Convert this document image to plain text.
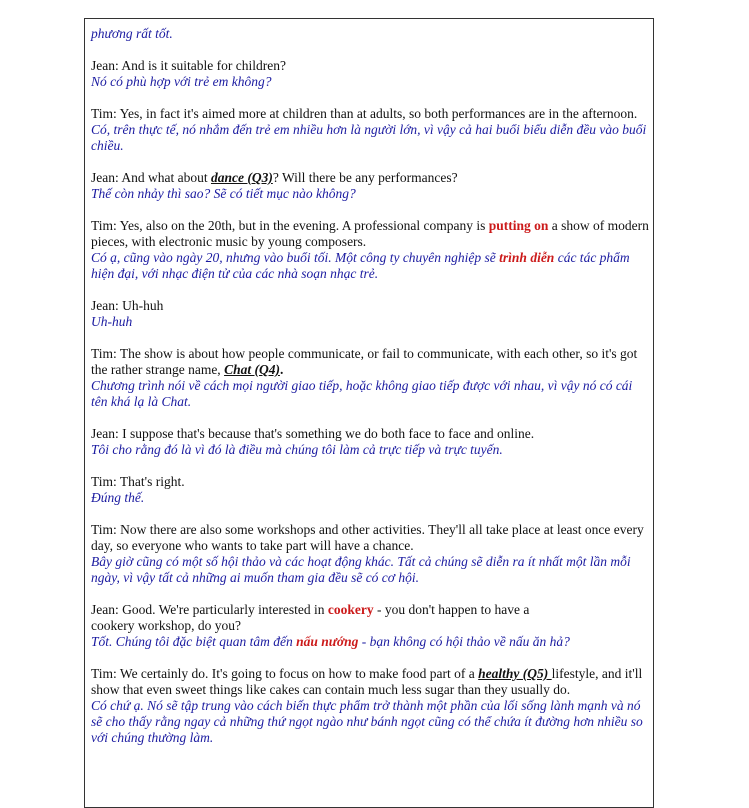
phương rất tốt.

Jean: And is it suitable for children?

Nó có phù hợp với trẻ em không?

Tim: Yes, in fact it's aimed more at children than at adults, so both performances are in the afternoon.

Có, trên thực tế, nó nhắm đến trẻ em nhiều hơn là người lớn, vì vậy cả hai buổi biểu diễn đều vào buổi chiều.

Jean: And what about dance (Q3)? Will there be any performances?

Thế còn nhảy thì sao? Sẽ có tiết mục nào không?

Tim: Yes, also on the 20th, but in the evening. A professional company is putting on a show of modern pieces, with electronic music by young composers.

Có ạ, cũng vào ngày 20, nhưng vào buổi tối. Một công ty chuyên nghiệp sẽ trình diễn các tác phẩm hiện đại, với nhạc điện tử của các nhà soạn nhạc trẻ.

Jean: Uh-huh

Uh-huh

Tim: The show is about how people communicate, or fail to communicate, with each other, so it's got the rather strange name, Chat (Q4).

Chương trình nói về cách mọi người giao tiếp, hoặc không giao tiếp được với nhau, vì vậy nó có cái tên khá lạ là Chat.

Jean: I suppose that's because that's something we do both face to face and online.

Tôi cho rằng đó là vì đó là điều mà chúng tôi làm cả trực tiếp và trực tuyến.

Tim: That's right.

Đúng thế.

Tim: Now there are also some workshops and other activities. They'll all take place at least once every day, so everyone who wants to take part will have a chance.

Bây giờ cũng có một số hội thảo và các hoạt động khác. Tất cả chúng sẽ diễn ra ít nhất một lần mỗi ngày, vì vậy tất cả những ai muốn tham gia đều sẽ có cơ hội.

Jean: Good. We're particularly interested in cookery - you don't happen to have a

cookery workshop, do you?

Tốt. Chúng tôi đặc biệt quan tâm đến nấu nướng - bạn không có hội thảo về nấu ăn hả?

Tim: We certainly do. It's going to focus on how to make food part of a healthy (Q5) lifestyle, and it'll show that even sweet things like cakes can contain much less sugar than they usually do.

Có chứ ạ. Nó sẽ tập trung vào cách biến thực phẩm trở thành một phần của lối sống lành mạnh và nó sẽ cho thấy rằng ngay cả những thứ ngọt ngào như bánh ngọt cũng có thể chứa ít đường hơn nhiều so với chúng thường làm.
